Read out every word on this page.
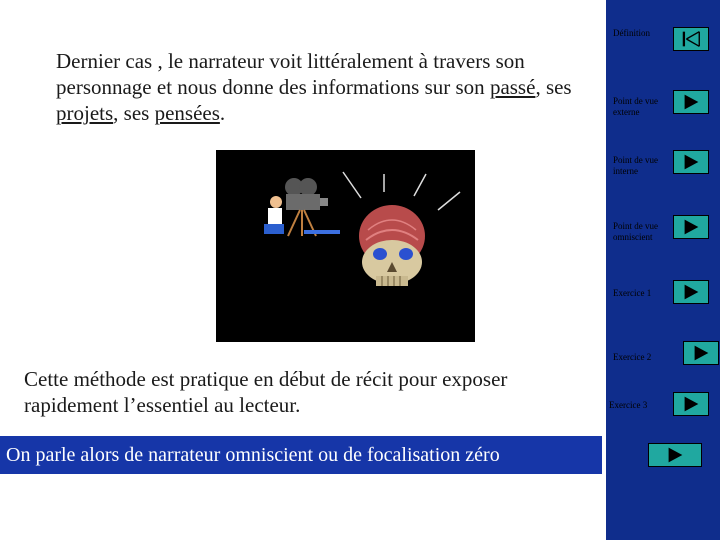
Définition
Point de vue externe
Point de vue interne
Point de vue omniscient
Exercice 1
Exercice 2
Exercice 3
Dernier cas , le narrateur voit littéralement à travers son personnage et nous donne des informations sur son passé, ses projets, ses pensées.
Cette méthode est pratique en début de récit pour exposer rapidement l’essentiel au lecteur.
On parle alors de narrateur omniscient ou de focalisation zéro
